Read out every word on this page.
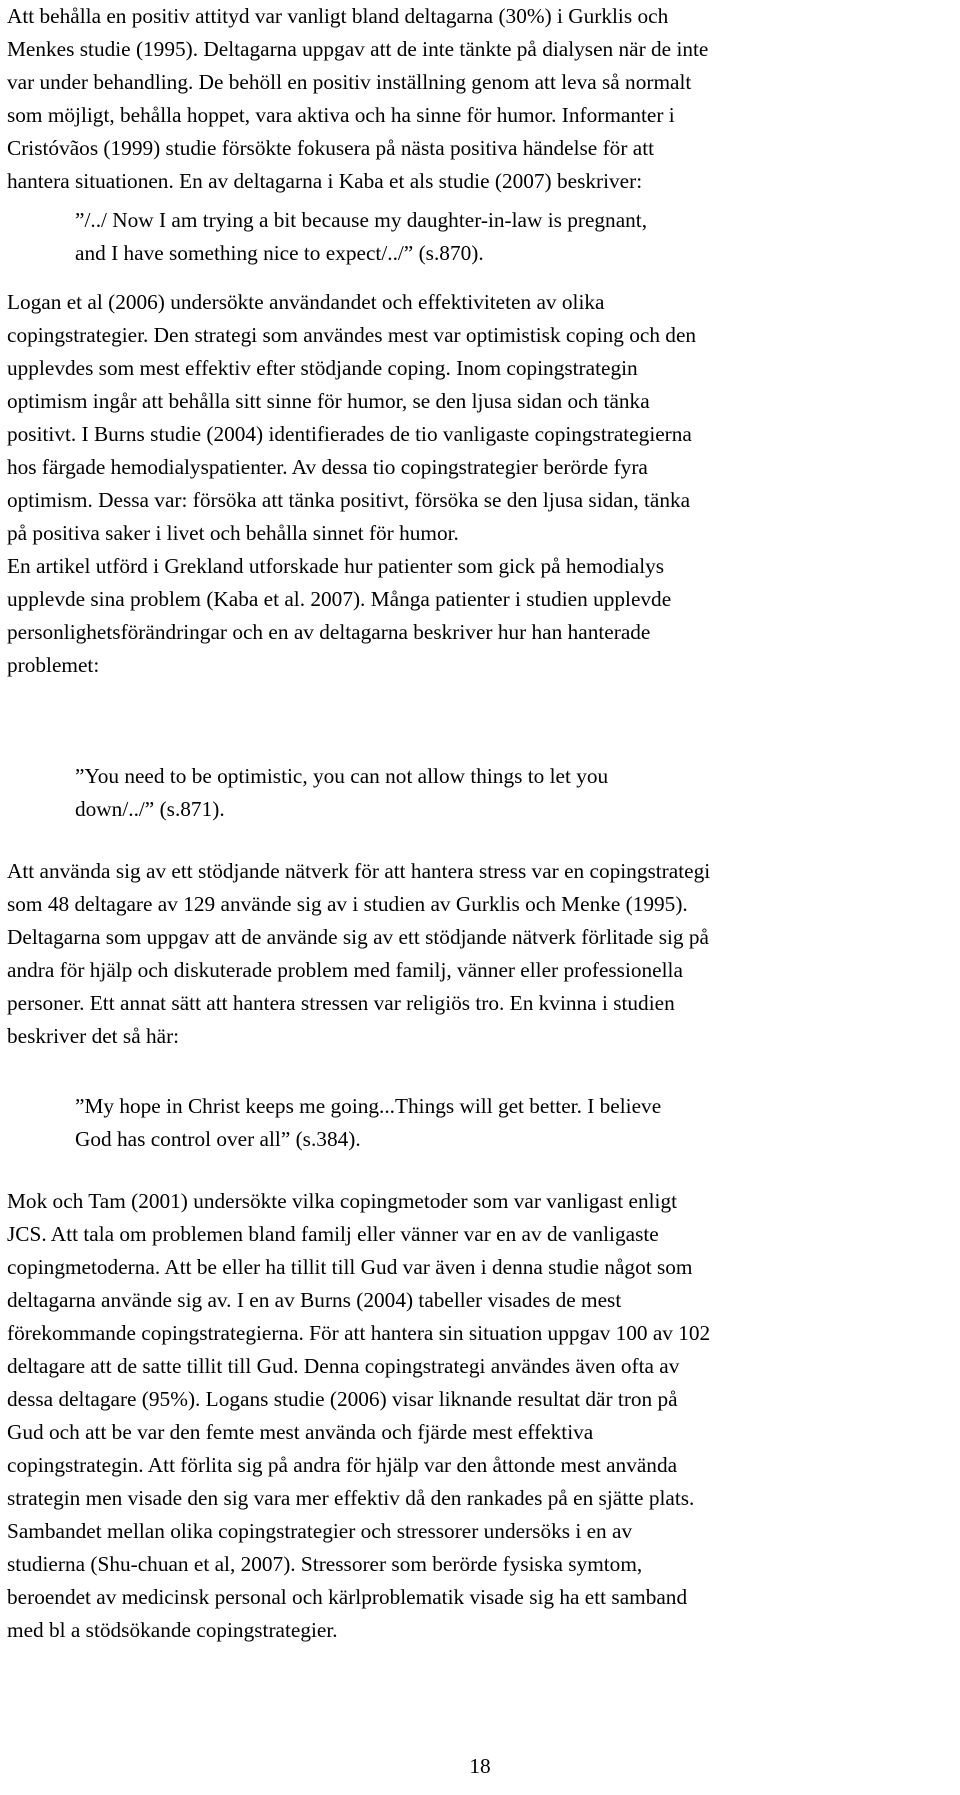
Att behålla en positiv attityd var vanligt bland deltagarna (30%) i Gurklis och
Menkes studie (1995). Deltagarna uppgav att de inte tänkte på dialysen när de inte
var under behandling. De behöll en positiv inställning genom att leva så normalt
som möjligt, behålla hoppet, vara aktiva och ha sinne för humor. Informanter i
Cristóvãos (1999) studie försökte fokusera på nästa positiva händelse för att
hantera situationen. En av deltagarna i Kaba et als studie (2007) beskriver:
”/../ Now I am trying a bit because my daughter-in-law is pregnant,
and I have something nice to expect/../” (s.870).
Logan et al (2006) undersökte användandet och effektiviteten av olika
copingstrategier. Den strategi som användes mest var optimistisk coping och den
upplevdes som mest effektiv efter stödjande coping. Inom copingstrategin
optimism ingår att behålla sitt sinne för humor, se den ljusa sidan och tänka
positivt. I Burns studie (2004) identifierades de tio vanligaste copingstrategierna
hos färgade hemodialyspatienter. Av dessa tio copingstrategier berörde fyra
optimism. Dessa var: försöka att tänka positivt, försöka se den ljusa sidan, tänka
på positiva saker i livet och behålla sinnet för humor.
En artikel utförd i Grekland utforskade hur patienter som gick på hemodialys
upplevde sina problem (Kaba et al. 2007). Många patienter i studien upplevde
personlighetsförändringar och en av deltagarna beskriver hur han hanterade
problemet:
”You need to be optimistic, you can not allow things to let you
down/../” (s.871).
Att använda sig av ett stödjande nätverk för att hantera stress var en copingstrategi
som 48 deltagare av 129 använde sig av i studien av Gurklis och Menke (1995).
Deltagarna som uppgav att de använde sig av ett stödjande nätverk förlitade sig på
andra för hjälp och diskuterade problem med familj, vänner eller professionella
personer. Ett annat sätt att hantera stressen var religiös tro. En kvinna i studien
beskriver det så här:
”My hope in Christ keeps me going...Things will get better. I believe
God has control over all” (s.384).
Mok och Tam (2001) undersökte vilka copingmetoder som var vanligast enligt
JCS. Att tala om problemen bland familj eller vänner var en av de vanligaste
copingmetoderna. Att be eller ha tillit till Gud var även i denna studie något som
deltagarna använde sig av. I en av Burns (2004) tabeller visades de mest
förekommande copingstrategierna. För att hantera sin situation uppgav 100 av 102
deltagare att de satte tillit till Gud. Denna copingstrategi användes även ofta av
dessa deltagare (95%). Logans studie (2006) visar liknande resultat där tron på
Gud och att be var den femte mest använda och fjärde mest effektiva
copingstrategin. Att förlita sig på andra för hjälp var den åttonde mest använda
strategin men visade den sig vara mer effektiv då den rankades på en sjätte plats.
Sambandet mellan olika copingstrategier och stressorer undersöks i en av
studierna (Shu-chuan et al, 2007). Stressorer som berörde fysiska symtom,
beroendet av medicinsk personal och kärlproblematik visade sig ha ett samband
med bl a stödsökande copingstrategier.
18
